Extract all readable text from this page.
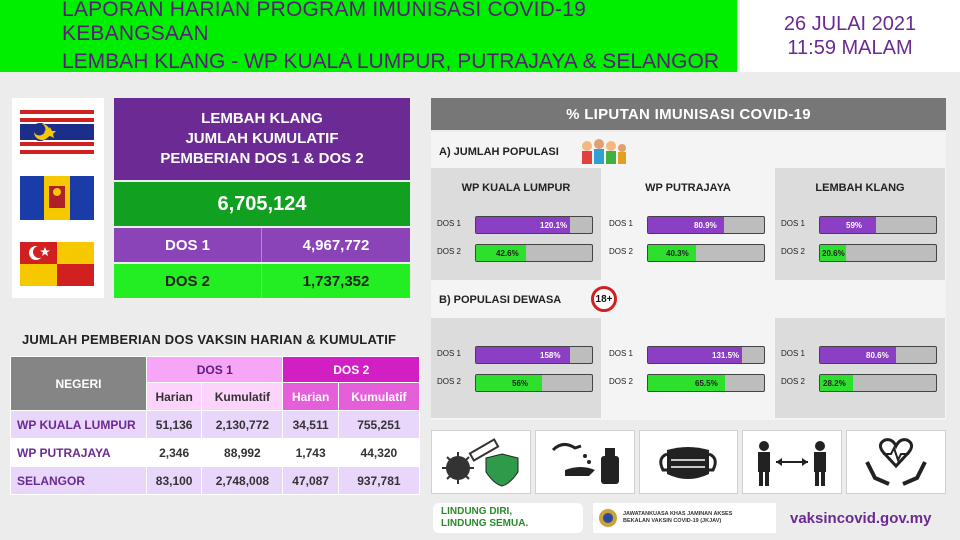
LAPORAN HARIAN PROGRAM IMUNISASI COVID-19 KEBANGSAAN
LEMBAH KLANG - WP KUALA LUMPUR, PUTRAJAYA & SELANGOR
26 JULAI 2021
11:59 MALAM
LEMBAH KLANG
JUMLAH KUMULATIF
PEMBERIAN DOS 1 & DOS 2
6,705,124
DOS 1	4,967,772
DOS 2	1,737,352
JUMLAH PEMBERIAN DOS VAKSIN HARIAN & KUMULATIF
NEGERI	DOS 1		DOS 2	
	Harian	Kumulatif	Harian	Kumulatif
WP KUALA LUMPUR	51,136	2,130,772	34,511	755,251
WP PUTRAJAYA	2,346	88,992	1,743	44,320
SELANGOR	83,100	2,748,008	47,087	937,781
% LIPUTAN IMUNISASI COVID-19
A) JUMLAH POPULASI
B) POPULASI DEWASA	18+
WP KUALA LUMPUR	WP PUTRAJAYA	LEMBAH KLANG
DOS 1	120.1%
DOS 2	42.6%
DOS 1	80.9%
DOS 2	40.3%
DOS 1	59%
DOS 2 20.6%
DOS 1	158%
DOS 2	56%
DOS 1	131.5%
DOS 2	65.5%
DOS 1	80.6%
DOS 2 28.2%
LINDUNG DIRI,
LINDUNG SEMUA.
JAWATANKUASA KHAS JAMINAN AKSES
BEKALAN VAKSIN COVID-19 (JKJAV)	vaksincovid.gov.my
